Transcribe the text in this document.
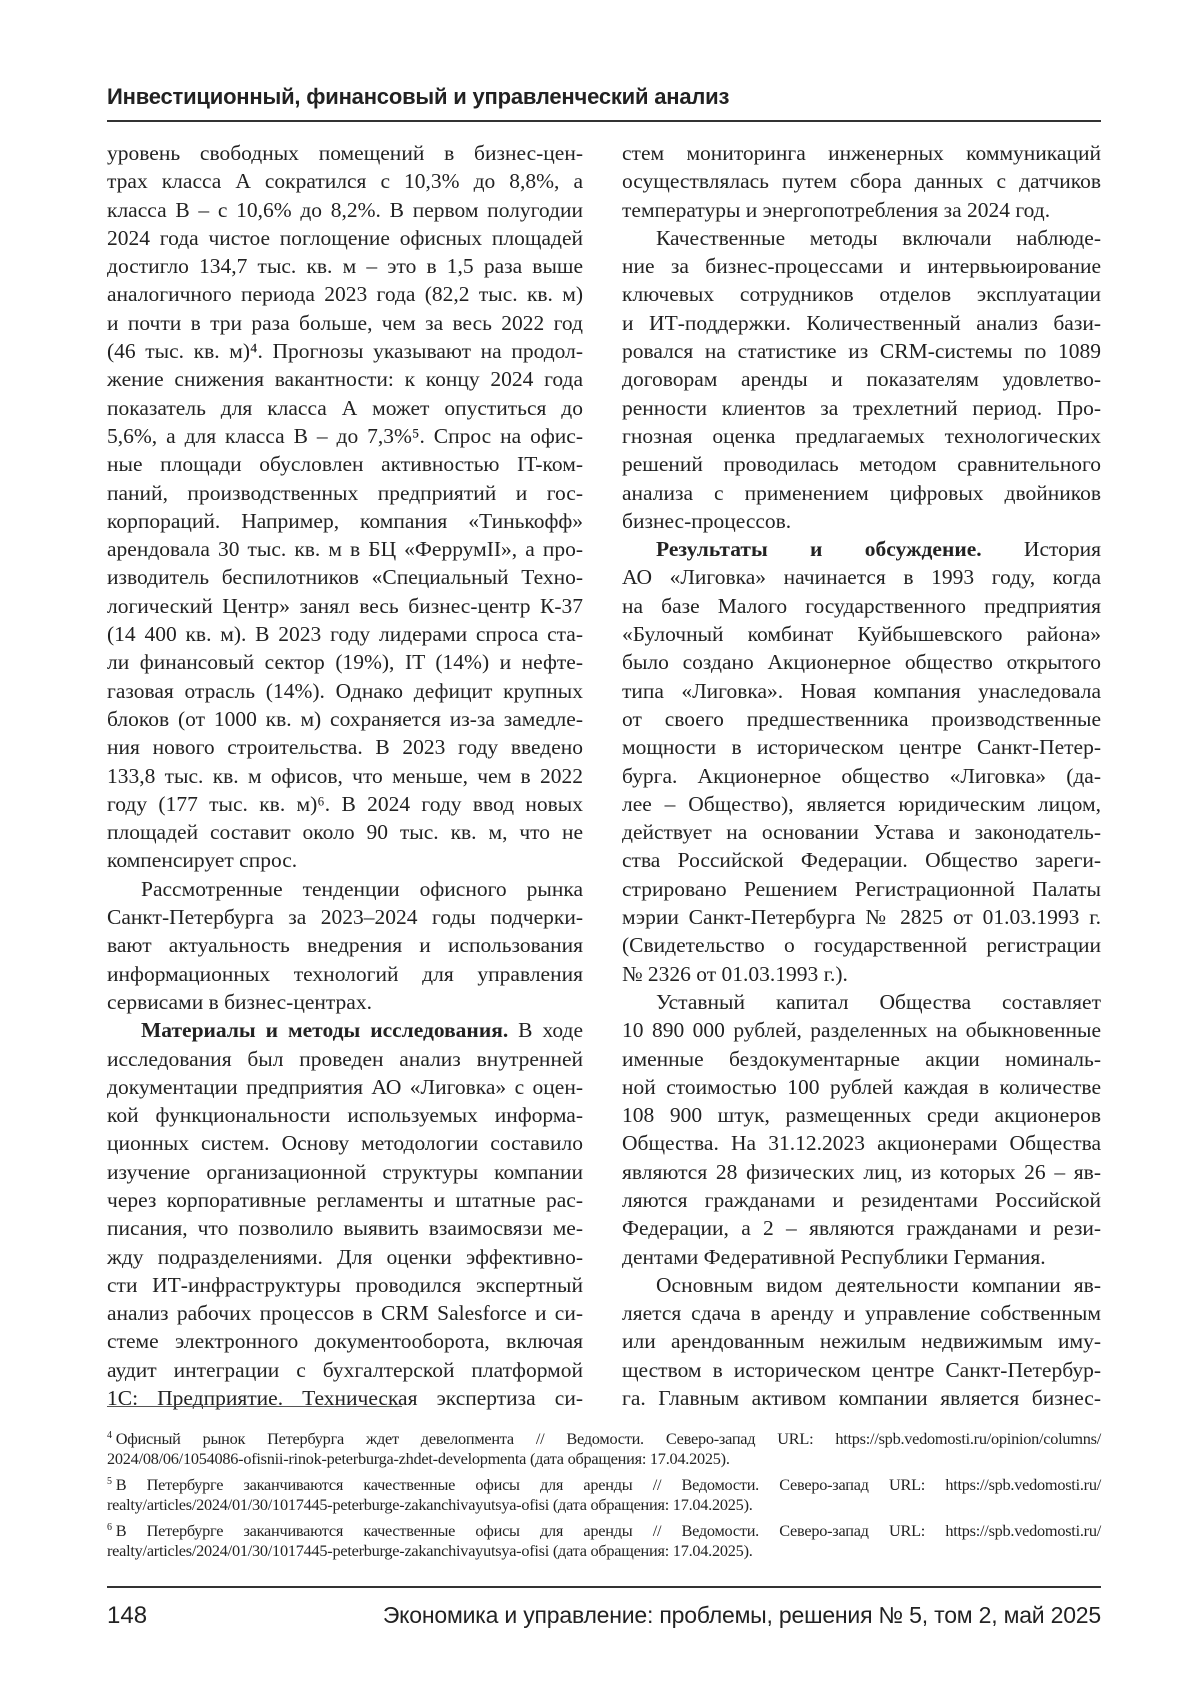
Инвестиционный, финансовый и управленческий анализ
уровень свободных помещений в бизнес-цен-
трах класса А сократился с 10,3% до 8,8%, а
класса В – с 10,6% до 8,2%. В первом полугодии
2024 года чистое поглощение офисных площадей
достигло 134,7 тыс. кв. м – это в 1,5 раза выше
аналогичного периода 2023 года (82,2 тыс. кв. м)
и почти в три раза больше, чем за весь 2022 год
(46 тыс. кв. м)⁴. Прогнозы указывают на продол-
жение снижения вакантности: к концу 2024 года
показатель для класса А может опуститься до
5,6%, а для класса В – до 7,3%⁵. Спрос на офис-
ные площади обусловлен активностью IT-ком-
паний, производственных предприятий и гос-
корпораций. Например, компания «Тинькофф»
арендовала 30 тыс. кв. м в БЦ «ФеррумII», а про-
изводитель беспилотников «Специальный Техно-
логический Центр» занял весь бизнес-центр К-37
(14 400 кв. м). В 2023 году лидерами спроса ста-
ли финансовый сектор (19%), IT (14%) и нефте-
газовая отрасль (14%). Однако дефицит крупных
блоков (от 1000 кв. м) сохраняется из-за замедле-
ния нового строительства. В 2023 году введено
133,8 тыс. кв. м офисов, что меньше, чем в 2022
году (177 тыс. кв. м)⁶. В 2024 году ввод новых
площадей составит около 90 тыс. кв. м, что не
компенсирует спрос.
Рассмотренные тенденции офисного рынка
Санкт-Петербурга за 2023–2024 годы подчерки-
вают актуальность внедрения и использования
информационных технологий для управления
сервисами в бизнес-центрах.
Материалы и методы исследования. В ходе
исследования был проведен анализ внутренней
документации предприятия АО «Лиговка» с оцен-
кой функциональности используемых информа-
ционных систем. Основу методологии составило
изучение организационной структуры компании
через корпоративные регламенты и штатные рас-
писания, что позволило выявить взаимосвязи ме-
жду подразделениями. Для оценки эффективно-
сти ИТ-инфраструктуры проводился экспертный
анализ рабочих процессов в CRM Salesforce и си-
стеме электронного документооборота, включая
аудит интеграции с бухгалтерской платформой
1С: Предприятие. Техническая экспертиза си-
стем мониторинга инженерных коммуникаций
осуществлялась путем сбора данных с датчиков
температуры и энергопотребления за 2024 год.
Качественные методы включали наблюде-
ние за бизнес-процессами и интервьюирование
ключевых сотрудников отделов эксплуатации
и ИТ-поддержки. Количественный анализ бази-
ровался на статистике из CRM-системы по 1089
договорам аренды и показателям удовлетво-
ренности клиентов за трехлетний период. Про-
гнозная оценка предлагаемых технологических
решений проводилась методом сравнительного
анализа с применением цифровых двойников
бизнес-процессов.
Результаты и обсуждение. История
АО «Лиговка» начинается в 1993 году, когда
на базе Малого государственного предприятия
«Булочный комбинат Куйбышевского района»
было создано Акционерное общество открытого
типа «Лиговка». Новая компания унаследовала
от своего предшественника производственные
мощности в историческом центре Санкт-Петер-
бурга. Акционерное общество «Лиговка» (да-
лее – Общество), является юридическим лицом,
действует на основании Устава и законодатель-
ства Российской Федерации. Общество зареги-
стрировано Решением Регистрационной Палаты
мэрии Санкт-Петербурга № 2825 от 01.03.1993 г.
(Свидетельство о государственной регистрации
№ 2326 от 01.03.1993 г.).
Уставный капитал Общества составляет
10 890 000 рублей, разделенных на обыкновенные
именные бездокументарные акции номиналь-
ной стоимостью 100 рублей каждая в количестве
108 900 штук, размещенных среди акционеров
Общества. На 31.12.2023 акционерами Общества
являются 28 физических лиц, из которых 26 – яв-
ляются гражданами и резидентами Российской
Федерации, а 2 – являются гражданами и рези-
дентами Федеративной Республики Германия.
Основным видом деятельности компании яв-
ляется сдача в аренду и управление собственным
или арендованным нежилым недвижимым иму-
ществом в историческом центре Санкт-Петербур-
га. Главным активом компании является бизнес-
4 Офисный рынок Петербурга ждет девелопмента // Ведомости. Северо-запад URL: https://spb.vedomosti.ru/opinion/columns/
2024/08/06/1054086-ofisnii-rinok-peterburga-zhdet-developmenta (дата обращения: 17.04.2025).
5 В Петербурге заканчиваются качественные офисы для аренды // Ведомости. Северо-запад URL: https://spb.vedomosti.ru/
realty/articles/2024/01/30/1017445-peterburge-zakanchivayutsya-ofisi (дата обращения: 17.04.2025).
6 В Петербурге заканчиваются качественные офисы для аренды // Ведомости. Северо-запад URL: https://spb.vedomosti.ru/
realty/articles/2024/01/30/1017445-peterburge-zakanchivayutsya-ofisi (дата обращения: 17.04.2025).
148	Экономика и управление: проблемы, решения № 5, том 2, май 2025
